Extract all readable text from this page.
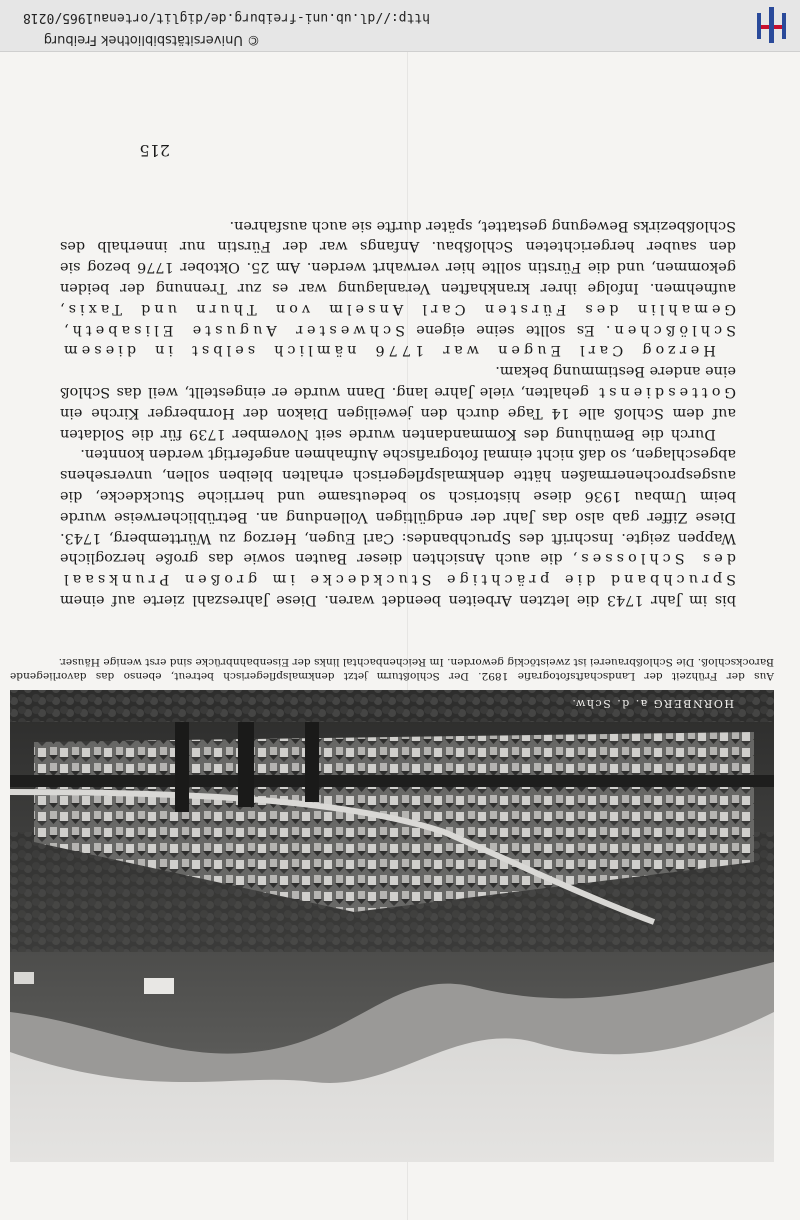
© Universitätsbibliothek Freiburg
http://dl.ub.uni-freiburg.de/diglit/ortenau1965/0218
HORNBERG a. d. Schw.
Aus der Frühzeit der Landschaftsfotografie 1892. Der Schloßturm jetzt denkmalspflegerisch betreut, ebenso das davorliegende Barockschloß. Die Schloßbrauerei ist zweistöckig geworden. Im Reichenbachtal links der Eisenbahnbrücke sind erst wenige Häuser.

bis im Jahr 1743 die letzten Arbeiten beendet waren. Diese Jahreszahl zierte auf einem Spruchband die prächtige Stuckdecke im großen Prunksaal des Schlosses, die auch Ansichten dieser Bauten sowie das große herzogliche Wappen zeigte. Inschrift des Spruchbandes: Carl Eugen, Herzog zu Württemberg, 1743. Diese Ziffer gab also das Jahr der endgültigen Vollendung an. Betrüblicherweise wurde beim Umbau 1936 diese historisch so bedeutsame und herrliche Stuckdecke, die ausgesprochenermaßen hätte denkmalspflegerisch erhalten bleiben sollen, unversehens abgeschlagen, so daß nicht einmal fotografische Aufnahmen angefertigt werden konnten.

Durch die Bemühung des Kommandanten wurde seit November 1739 für die Soldaten auf dem Schloß alle 14 Tage durch den jeweiligen Diakon der Hornberger Kirche ein Gottesdienst gehalten, viele Jahre lang. Dann wurde er eingestellt, weil das Schloß eine andere Bestimmung bekam.

Herzog Carl Eugen war 1776 nämlich selbst in diesem Schlößchen. Es sollte seine eigene Schwester Auguste Elisabeth, Gemahlin des Fürsten Carl Anselm von Thurn und Taxis, aufnehmen. Infolge ihrer krankhaften Veranlagung war es zur Trennung der beiden gekommen, und die Fürstin sollte hier verwahrt werden. Am 25. Oktober 1776 bezog sie den sauber hergerichteten Schloßbau. Anfangs war der Fürstin nur innerhalb des Schloßbezirks Bewegung gestattet, später durfte sie auch ausfahren.

215
